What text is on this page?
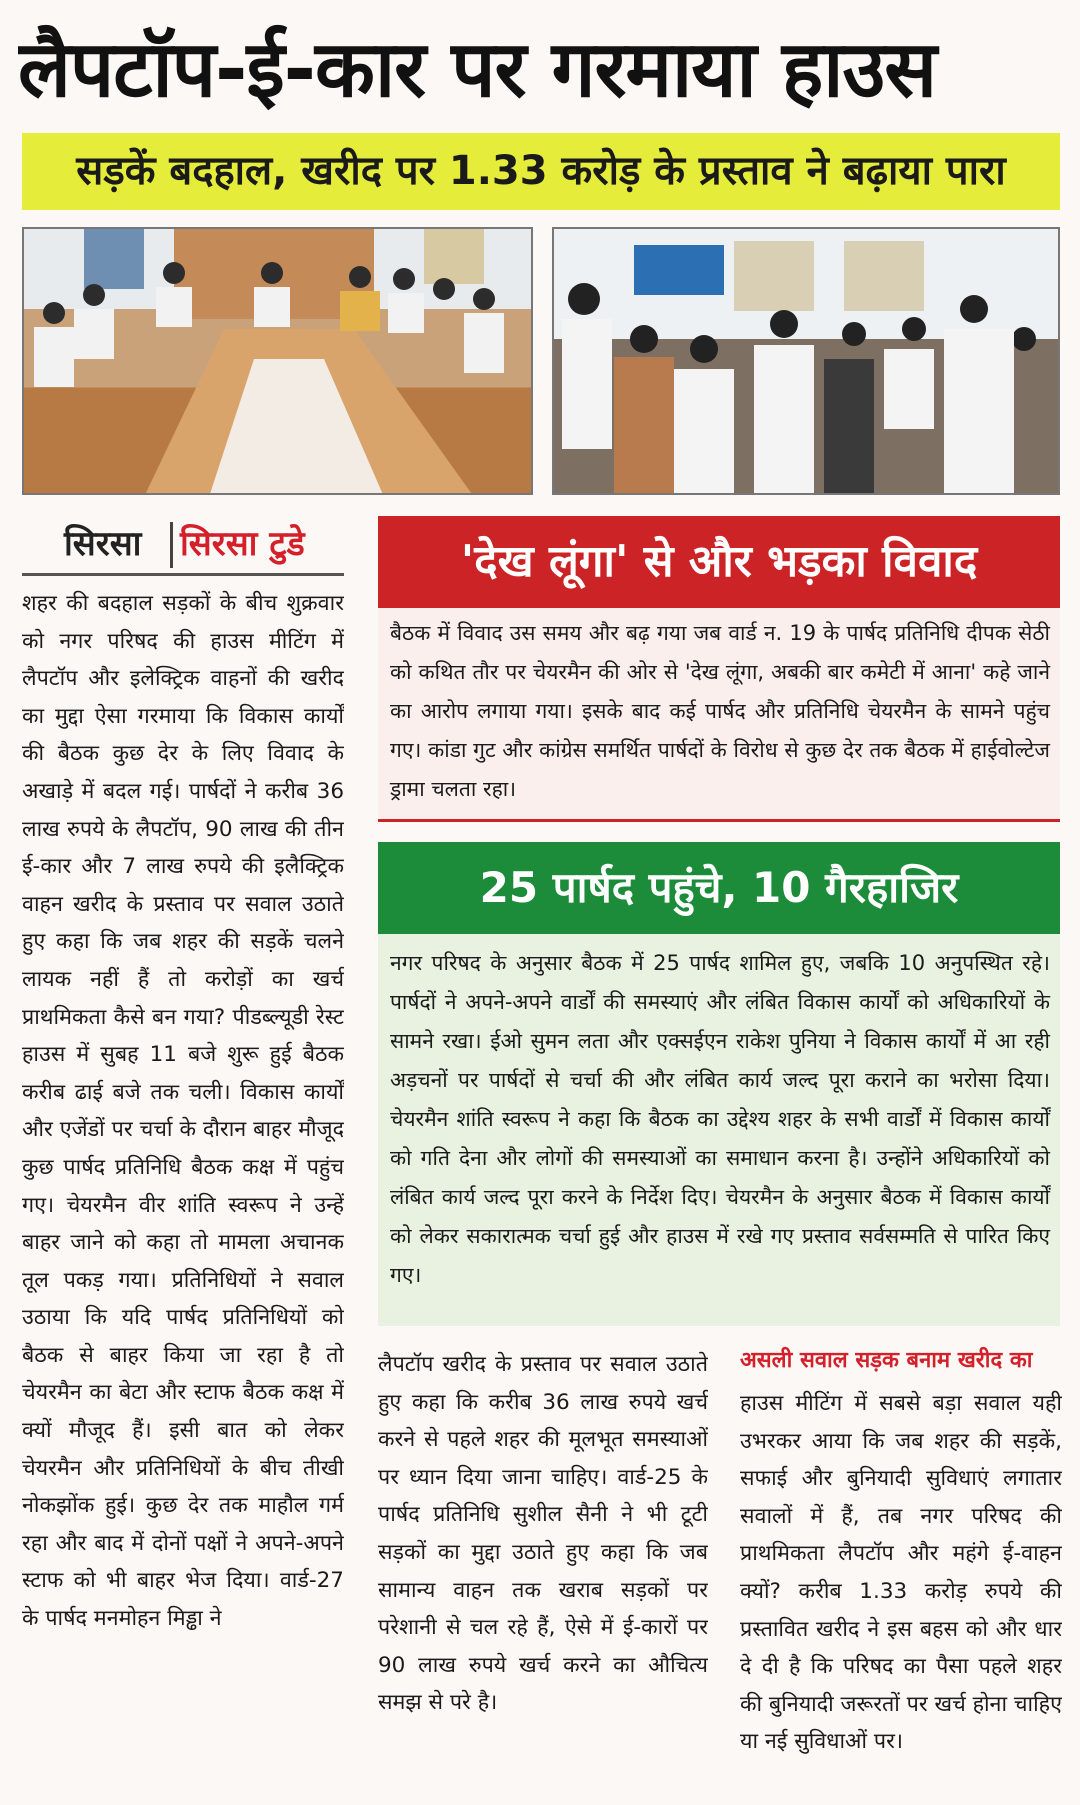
लैपटॉप-ई-कार पर गरमाया हाउस
सड़कें बदहाल, खरीद पर 1.33 करोड़ के प्रस्ताव ने बढ़ाया पारा
सिरसा सिरसा टुडे
शहर की बदहाल सड़कों के बीच शुक्रवार को नगर परिषद की हाउस मीटिंग में लैपटॉप और इलेक्ट्रिक वाहनों की खरीद का मुद्दा ऐसा गरमाया कि विकास कार्यों की बैठक कुछ देर के लिए विवाद के अखाड़े में बदल गई। पार्षदों ने करीब 36 लाख रुपये के लैपटॉप, 90 लाख की तीन ई-कार और 7 लाख रुपये की इलैक्ट्रिक वाहन खरीद के प्रस्ताव पर सवाल उठाते हुए कहा कि जब शहर की सड़कें चलने लायक नहीं हैं तो करोड़ों का खर्च प्राथमिकता कैसे बन गया? पीडब्ल्यूडी रेस्ट हाउस में सुबह 11 बजे शुरू हुई बैठक करीब ढाई बजे तक चली। विकास कार्यों और एजेंडों पर चर्चा के दौरान बाहर मौजूद कुछ पार्षद प्रतिनिधि बैठक कक्ष में पहुंच गए। चेयरमैन वीर शांति स्वरूप ने उन्हें बाहर जाने को कहा तो मामला अचानक तूल पकड़ गया। प्रतिनिधियों ने सवाल उठाया कि यदि पार्षद प्रतिनिधियों को बैठक से बाहर किया जा रहा है तो चेयरमैन का बेटा और स्टाफ बैठक कक्ष में क्यों मौजूद हैं। इसी बात को लेकर चेयरमैन और प्रतिनिधियों के बीच तीखी नोकझोंक हुई। कुछ देर तक माहौल गर्म रहा और बाद में दोनों पक्षों ने अपने-अपने स्टाफ को भी बाहर भेज दिया। वार्ड-27 के पार्षद मनमोहन मिड्ढा ने
'देख लूंगा' से और भड़का विवाद
बैठक में विवाद उस समय और बढ़ गया जब वार्ड न. 19 के पार्षद प्रतिनिधि दीपक सेठी को कथित तौर पर चेयरमैन की ओर से 'देख लूंगा, अबकी बार कमेटी में आना' कहे जाने का आरोप लगाया गया। इसके बाद कई पार्षद और प्रतिनिधि चेयरमैन के सामने पहुंच गए। कांडा गुट और कांग्रेस समर्थित पार्षदों के विरोध से कुछ देर तक बैठक में हाईवोल्टेज ड्रामा चलता रहा।
25 पार्षद पहुंचे, 10 गैरहाजिर
नगर परिषद के अनुसार बैठक में 25 पार्षद शामिल हुए, जबकि 10 अनुपस्थित रहे। पार्षदों ने अपने-अपने वार्डों की समस्याएं और लंबित विकास कार्यों को अधिकारियों के सामने रखा। ईओ सुमन लता और एक्सईएन राकेश पुनिया ने विकास कार्यों में आ रही अड़चनों पर पार्षदों से चर्चा की और लंबित कार्य जल्द पूरा कराने का भरोसा दिया। चेयरमैन शांति स्वरूप ने कहा कि बैठक का उद्देश्य शहर के सभी वार्डों में विकास कार्यों को गति देना और लोगों की समस्याओं का समाधान करना है। उन्होंने अधिकारियों को लंबित कार्य जल्द पूरा करने के निर्देश दिए। चेयरमैन के अनुसार बैठक में विकास कार्यों को लेकर सकारात्मक चर्चा हुई और हाउस में रखे गए प्रस्ताव सर्वसम्मति से पारित किए गए।
लैपटॉप खरीद के प्रस्ताव पर सवाल उठाते हुए कहा कि करीब 36 लाख रुपये खर्च करने से पहले शहर की मूलभूत समस्याओं पर ध्यान दिया जाना चाहिए। वार्ड-25 के पार्षद प्रतिनिधि सुशील सैनी ने भी टूटी सड़कों का मुद्दा उठाते हुए कहा कि जब सामान्य वाहन तक खराब सड़कों पर परेशानी से चल रहे हैं, ऐसे में ई-कारों पर 90 लाख रुपये खर्च करने का औचित्य समझ से परे है।
असली सवाल सड़क बनाम खरीद का
हाउस मीटिंग में सबसे बड़ा सवाल यही उभरकर आया कि जब शहर की सड़कें, सफाई और बुनियादी सुविधाएं लगातार सवालों में हैं, तब नगर परिषद की प्राथमिकता लैपटॉप और महंगे ई-वाहन क्यों? करीब 1.33 करोड़ रुपये की प्रस्तावित खरीद ने इस बहस को और धार दे दी है कि परिषद का पैसा पहले शहर की बुनियादी जरूरतों पर खर्च होना चाहिए या नई सुविधाओं पर।
